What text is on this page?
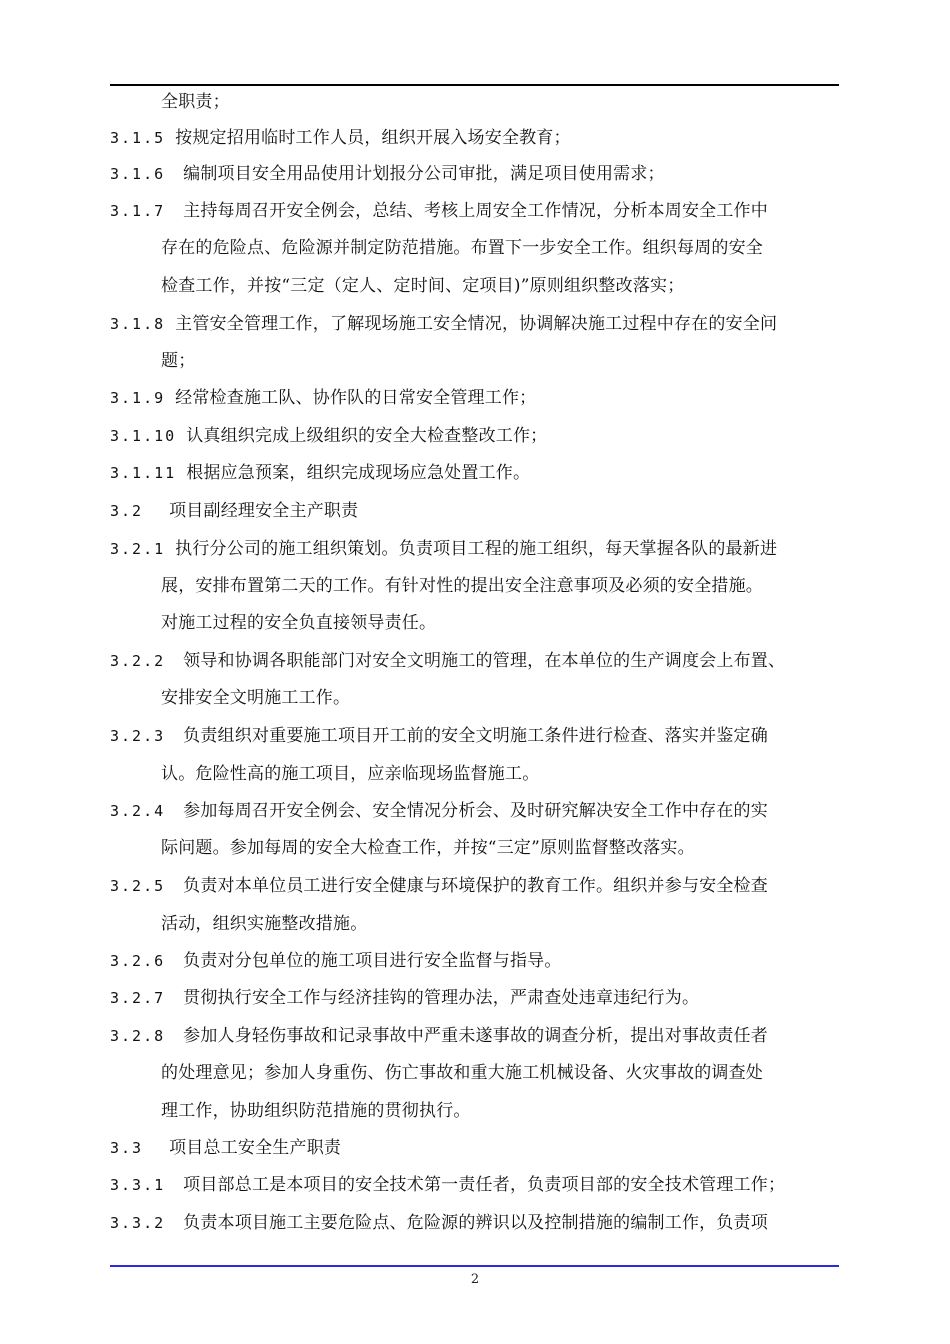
全职责；
3.1.5 按规定招用临时工作人员，组织开展入场安全教育；
3.1.6 编制项目安全用品使用计划报分公司审批，满足项目使用需求；
3.1.7 主持每周召开安全例会，总结、考核上周安全工作情况，分析本周安全工作中
存在的危险点、危险源并制定防范措施。布置下一步安全工作。组织每周的安全
检查工作，并按“三定（定人、定时间、定项目)”原则组织整改落实；
3.1.8 主管安全管理工作，了解现场施工安全情况，协调解决施工过程中存在的安全问
题；
3.1.9 经常检查施工队、协作队的日常安全管理工作；
3.1.10 认真组织完成上级组织的安全大检查整改工作；
3.1.11 根据应急预案，组织完成现场应急处置工作。
3.2 项目副经理安全主产职责
3.2.1 执行分公司的施工组织策划。负责项目工程的施工组织，每天掌握各队的最新进
展，安排布置第二天的工作。有针对性的提出安全注意事项及必须的安全措施。
对施工过程的安全负直接领导责任。
3.2.2 领导和协调各职能部门对安全文明施工的管理，在本单位的生产调度会上布置、
安排安全文明施工工作。
3.2.3 负责组织对重要施工项目开工前的安全文明施工条件进行检查、落实并鉴定确
认。危险性高的施工项目，应亲临现场监督施工。
3.2.4 参加每周召开安全例会、安全情况分析会、及时研究解决安全工作中存在的实
际问题。参加每周的安全大检查工作，并按“三定”原则监督整改落实。
3.2.5 负责对本单位员工进行安全健康与环境保护的教育工作。组织并参与安全检查
活动，组织实施整改措施。
3.2.6 负责对分包单位的施工项目进行安全监督与指导。
3.2.7 贯彻执行安全工作与经济挂钩的管理办法，严肃查处违章违纪行为。
3.2.8 参加人身轻伤事故和记录事故中严重未遂事故的调查分析，提出对事故责任者
的处理意见；参加人身重伤、伤亡事故和重大施工机械设备、火灾事故的调查处
理工作，协助组织防范措施的贯彻执行。
3.3 项目总工安全生产职责
3.3.1 项目部总工是本项目的安全技术第一责任者，负责项目部的安全技术管理工作；
3.3.2 负责本项目施工主要危险点、危险源的辨识以及控制措施的编制工作，负责项
2
